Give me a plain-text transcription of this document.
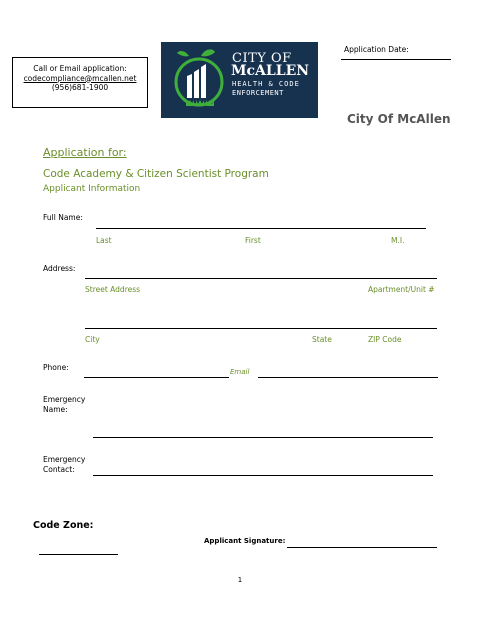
Call or Email application:
codecompliance@mcallen.net
(956)681-1900
CITY OF
McALLEN
HEALTH & CODE
ENFORCEMENT
Application Date:
City Of McAllen
Application for:
Code Academy & Citizen Scientist Program
Applicant Information
Full Name:
Last	First	M.I.
Address:
Street Address	Apartment/Unit #
City	State	ZIP Code
Phone:	Email
Emergency
Name:
Emergency
Contact:
Code Zone:
Applicant Signature:
1
